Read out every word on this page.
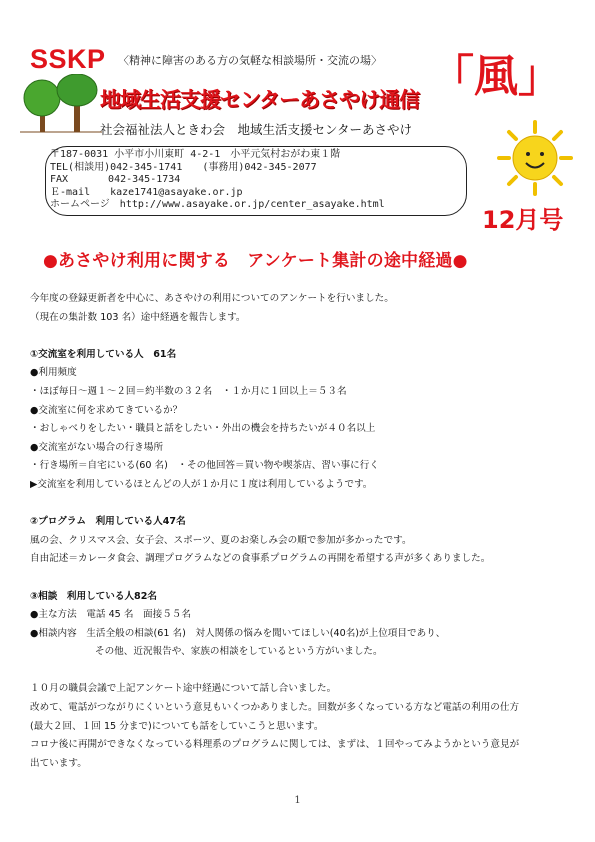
SSKP 〈精神に障害のある方の気軽な相談場所・交流の場〉
地域生活支援センターあさやけ通信 「風」
社会福祉法人ときわ会　地域生活支援センターあさやけ
〒187-0031 小平市小川東町 4-2-1　小平元気村おがわ東１階
TEL(相談用)042-345-1741　　(事務用)042-345-2077
FAX　　　　042-345-1734
Ｅ-mail　　kaze1741@asayake.or.jp
ホームページ　http://www.asayake.or.jp/center_asayake.html
12月号
●あさやけ利用に関する　アンケート集計の途中経過●

今年度の登録更新者を中心に、あさやけの利用についてのアンケートを行いました。

（現在の集計数 103 名）途中経過を報告します。

①交流室を利用している人　61名

●利用頻度

・ほぼ毎日〜週１〜２回＝約半数の３２名　・１か月に１回以上＝５３名

●交流室に何を求めてきているか？

・おしゃべりをしたい・職員と話をしたい・外出の機会を持ちたいが４０名以上

●交流室がない場合の行き場所

・行き場所＝自宅にいる(60 名)　・その他回答＝買い物や喫茶店、習い事に行く

▶交流室を利用しているほとんどの人が１か月に１度は利用しているようです。

②プログラム　利用している人47名

風の会、クリスマス会、女子会、スポーツ、夏のお楽しみ会の順で参加が多かったです。

自由記述＝カレータ食会、調理プログラムなどの食事系プログラムの再開を希望する声が多くありました。

③相談　利用している人82名

●主な方法　電話 45 名　面接５５名

●相談内容　生活全般の相談(61 名)　対人関係の悩みを聞いてほしい(40名)が上位項目であり、

その他、近況報告や、家族の相談をしているという方がいました。

１０月の職員会議で上記アンケート途中経過について話し合いました。

改めて、電話がつながりにくいという意見もいくつかありました。回数が多くなっている方など電話の利用の仕方

(最大２回、１回 15 分まで)についても話をしていこうと思います。

コロナ後に再開ができなくなっている料理系のプログラムに関しては、まずは、１回やってみようかという意見が

出ています。

1
